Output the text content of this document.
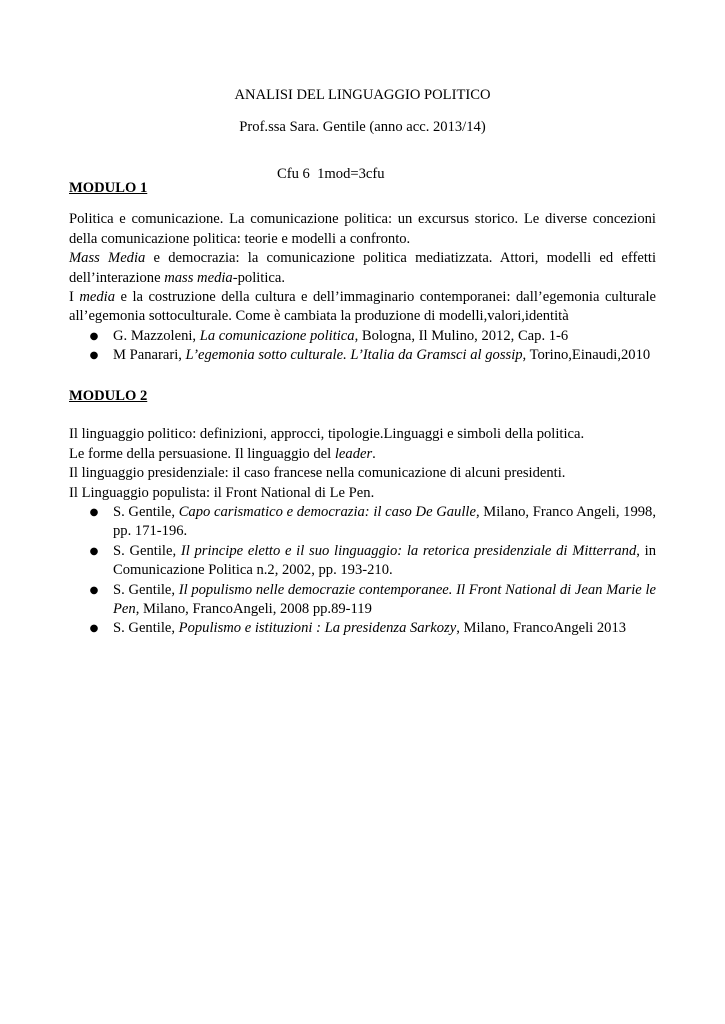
ANALISI DEL LINGUAGGIO POLITICO

Prof.ssa Sara. Gentile (anno acc. 2013/14)

Cfu 6  1mod=3cfu

MODULO 1

Politica e comunicazione. La comunicazione politica: un excursus storico. Le diverse concezioni della comunicazione politica: teorie e modelli a confronto.

Mass Media e democrazia: la comunicazione politica mediatizzata. Attori, modelli ed effetti dell’interazione mass media-politica.

I media e la costruzione della cultura e dell’immaginario contemporanei: dall’egemonia culturale all’egemonia sottoculturale. Come è cambiata la produzione di modelli,valori,identità

● G. Mazzoleni, La comunicazione politica, Bologna, Il Mulino, 2012, Cap. 1-6
● M Panarari, L’egemonia sotto culturale. L’Italia da Gramsci al gossip, Torino,Einaudi,2010
MODULO 2

Il linguaggio politico: definizioni, approcci, tipologie.Linguaggi e simboli della politica.

Le forme della persuasione. Il linguaggio del leader.

Il linguaggio presidenziale: il caso francese nella comunicazione di alcuni presidenti.

Il Linguaggio populista: il Front National di Le Pen.

● S. Gentile, Capo carismatico e democrazia: il caso De Gaulle, Milano, Franco Angeli, 1998, pp. 171-196.
● S. Gentile, Il principe eletto e il suo linguaggio: la retorica presidenziale di Mitterrand, in Comunicazione Politica n.2, 2002, pp. 193-210.
● S. Gentile, Il populismo nelle democrazie contemporanee. Il Front National di Jean Marie le Pen, Milano, FrancoAngeli, 2008 pp.89-119
● S. Gentile, Populismo e istituzioni : La presidenza Sarkozy, Milano, FrancoAngeli 2013
